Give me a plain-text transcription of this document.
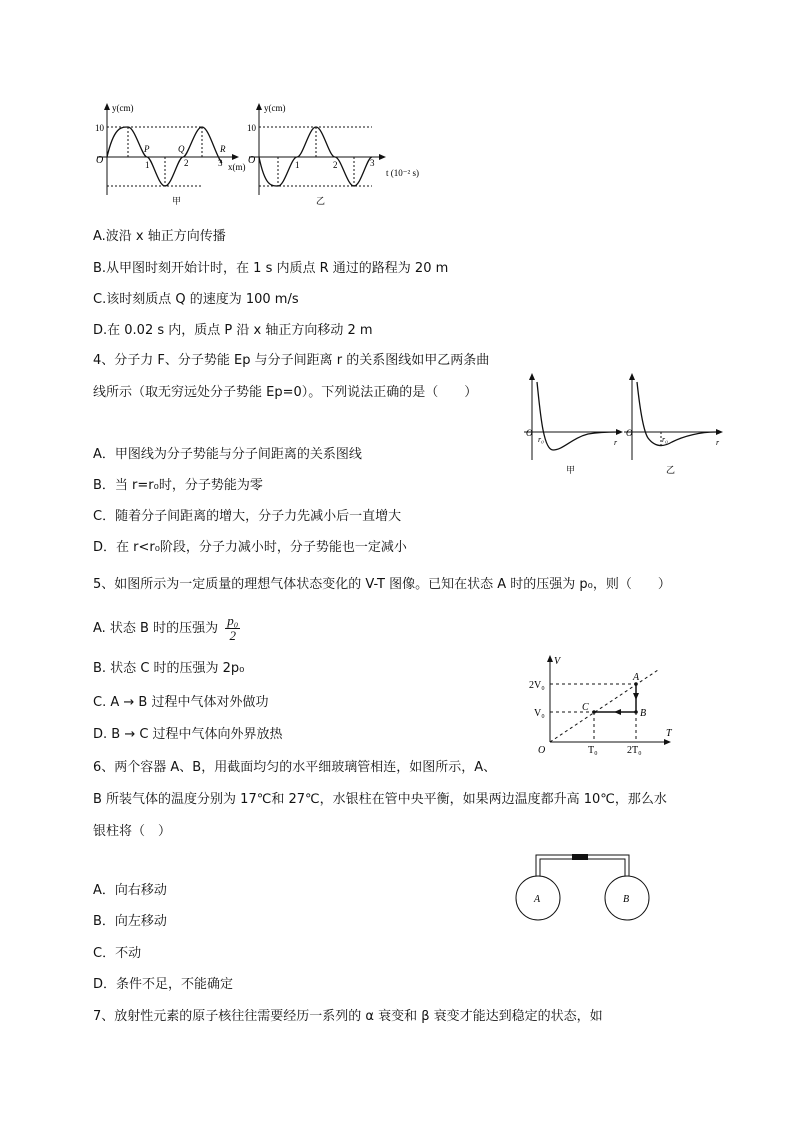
y(cm)
10
O	1	2	3 x(m)
P	Q	R
甲
y(cm)
10
O	1	2	3
t (10⁻² s)
乙
A.波沿 x 轴正方向传播
B.从甲图时刻开始计时，在 1 s 内质点 R 通过的路程为 20 m
C.该时刻质点 Q 的速度为 100 m/s
D.在 0.02 s 内，质点 P 沿 x 轴正方向移动 2 m
4、分子力 F、分子势能 Ep 与分子间距离 r 的关系图线如甲乙两条曲
线所示（取无穷远处分子势能 Ep=0）。下列说法正确的是（　　）
O
r₀	r
甲
O
r₀	r
乙
A．甲图线为分子势能与分子间距离的关系图线
B．当 r=r₀时，分子势能为零
C．随着分子间距离的增大，分子力先减小后一直增大
D．在 r<r₀阶段，分子力减小时，分子势能也一定减小
5、如图所示为一定质量的理想气体状态变化的 V-T 图像。已知在状态 A 时的压强为 p₀，则（　　）
A. 状态 B 时的压强为 $\frac{\text{p₀}}{2}$
B. 状态 C 时的压强为 2p₀
C. A → B 过程中气体对外做功
D. B → C 过程中气体向外界放热
V
T
O
2V₀
V₀
T₀	2T₀
A
B
C
6、两个容器 A、B，用截面均匀的水平细玻璃管相连，如图所示，A、
B 所装气体的温度分别为 17℃和 27℃，水银柱在管中央平衡，如果两边温度都升高 10℃，那么水
银柱将（　）
A	B
A．向右移动
B．向左移动
C．不动
D．条件不足，不能确定
7、放射性元素的原子核往往需要经历一系列的 α 衰变和 β 衰变才能达到稳定的状态，如
